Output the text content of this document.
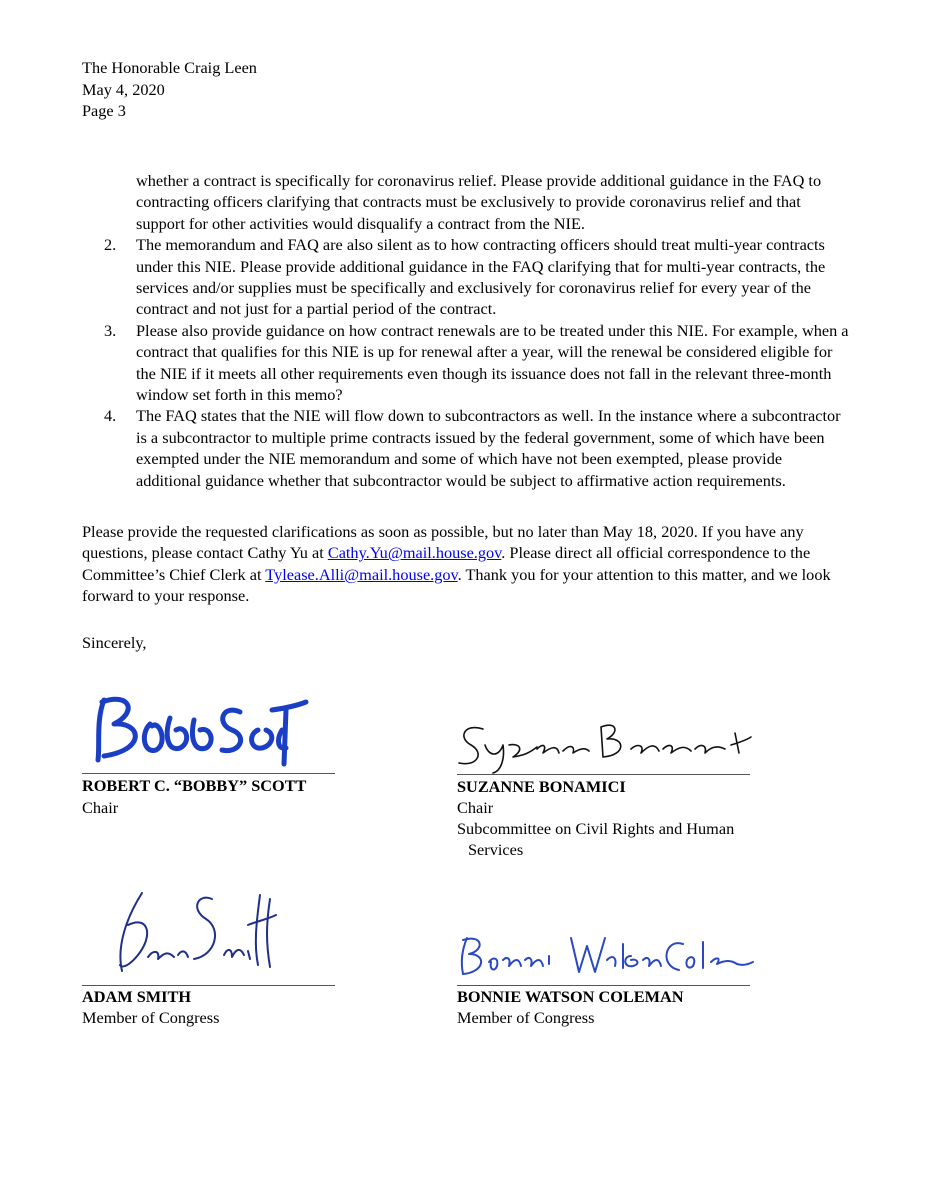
The Honorable Craig Leen
May 4, 2020
Page 3
whether a contract is specifically for coronavirus relief. Please provide additional guidance in the FAQ to contracting officers clarifying that contracts must be exclusively to provide coronavirus relief and that support for other activities would disqualify a contract from the NIE.
2. The memorandum and FAQ are also silent as to how contracting officers should treat multi-year contracts under this NIE. Please provide additional guidance in the FAQ clarifying that for multi-year contracts, the services and/or supplies must be specifically and exclusively for coronavirus relief for every year of the contract and not just for a partial period of the contract.
3. Please also provide guidance on how contract renewals are to be treated under this NIE. For example, when a contract that qualifies for this NIE is up for renewal after a year, will the renewal be considered eligible for the NIE if it meets all other requirements even though its issuance does not fall in the relevant three-month window set forth in this memo?
4. The FAQ states that the NIE will flow down to subcontractors as well. In the instance where a subcontractor is a subcontractor to multiple prime contracts issued by the federal government, some of which have been exempted under the NIE memorandum and some of which have not been exempted, please provide additional guidance whether that subcontractor would be subject to affirmative action requirements.
Please provide the requested clarifications as soon as possible, but no later than May 18, 2020. If you have any questions, please contact Cathy Yu at Cathy.Yu@mail.house.gov. Please direct all official correspondence to the Committee’s Chief Clerk at Tylease.Alli@mail.house.gov. Thank you for your attention to this matter, and we look forward to your response.
Sincerely,
ROBERT C. “BOBBY” SCOTT
Chair
SUZANNE BONAMICI
Chair
Subcommittee on Civil Rights and Human
Services
ADAM SMITH
Member of Congress
BONNIE WATSON COLEMAN
Member of Congress
